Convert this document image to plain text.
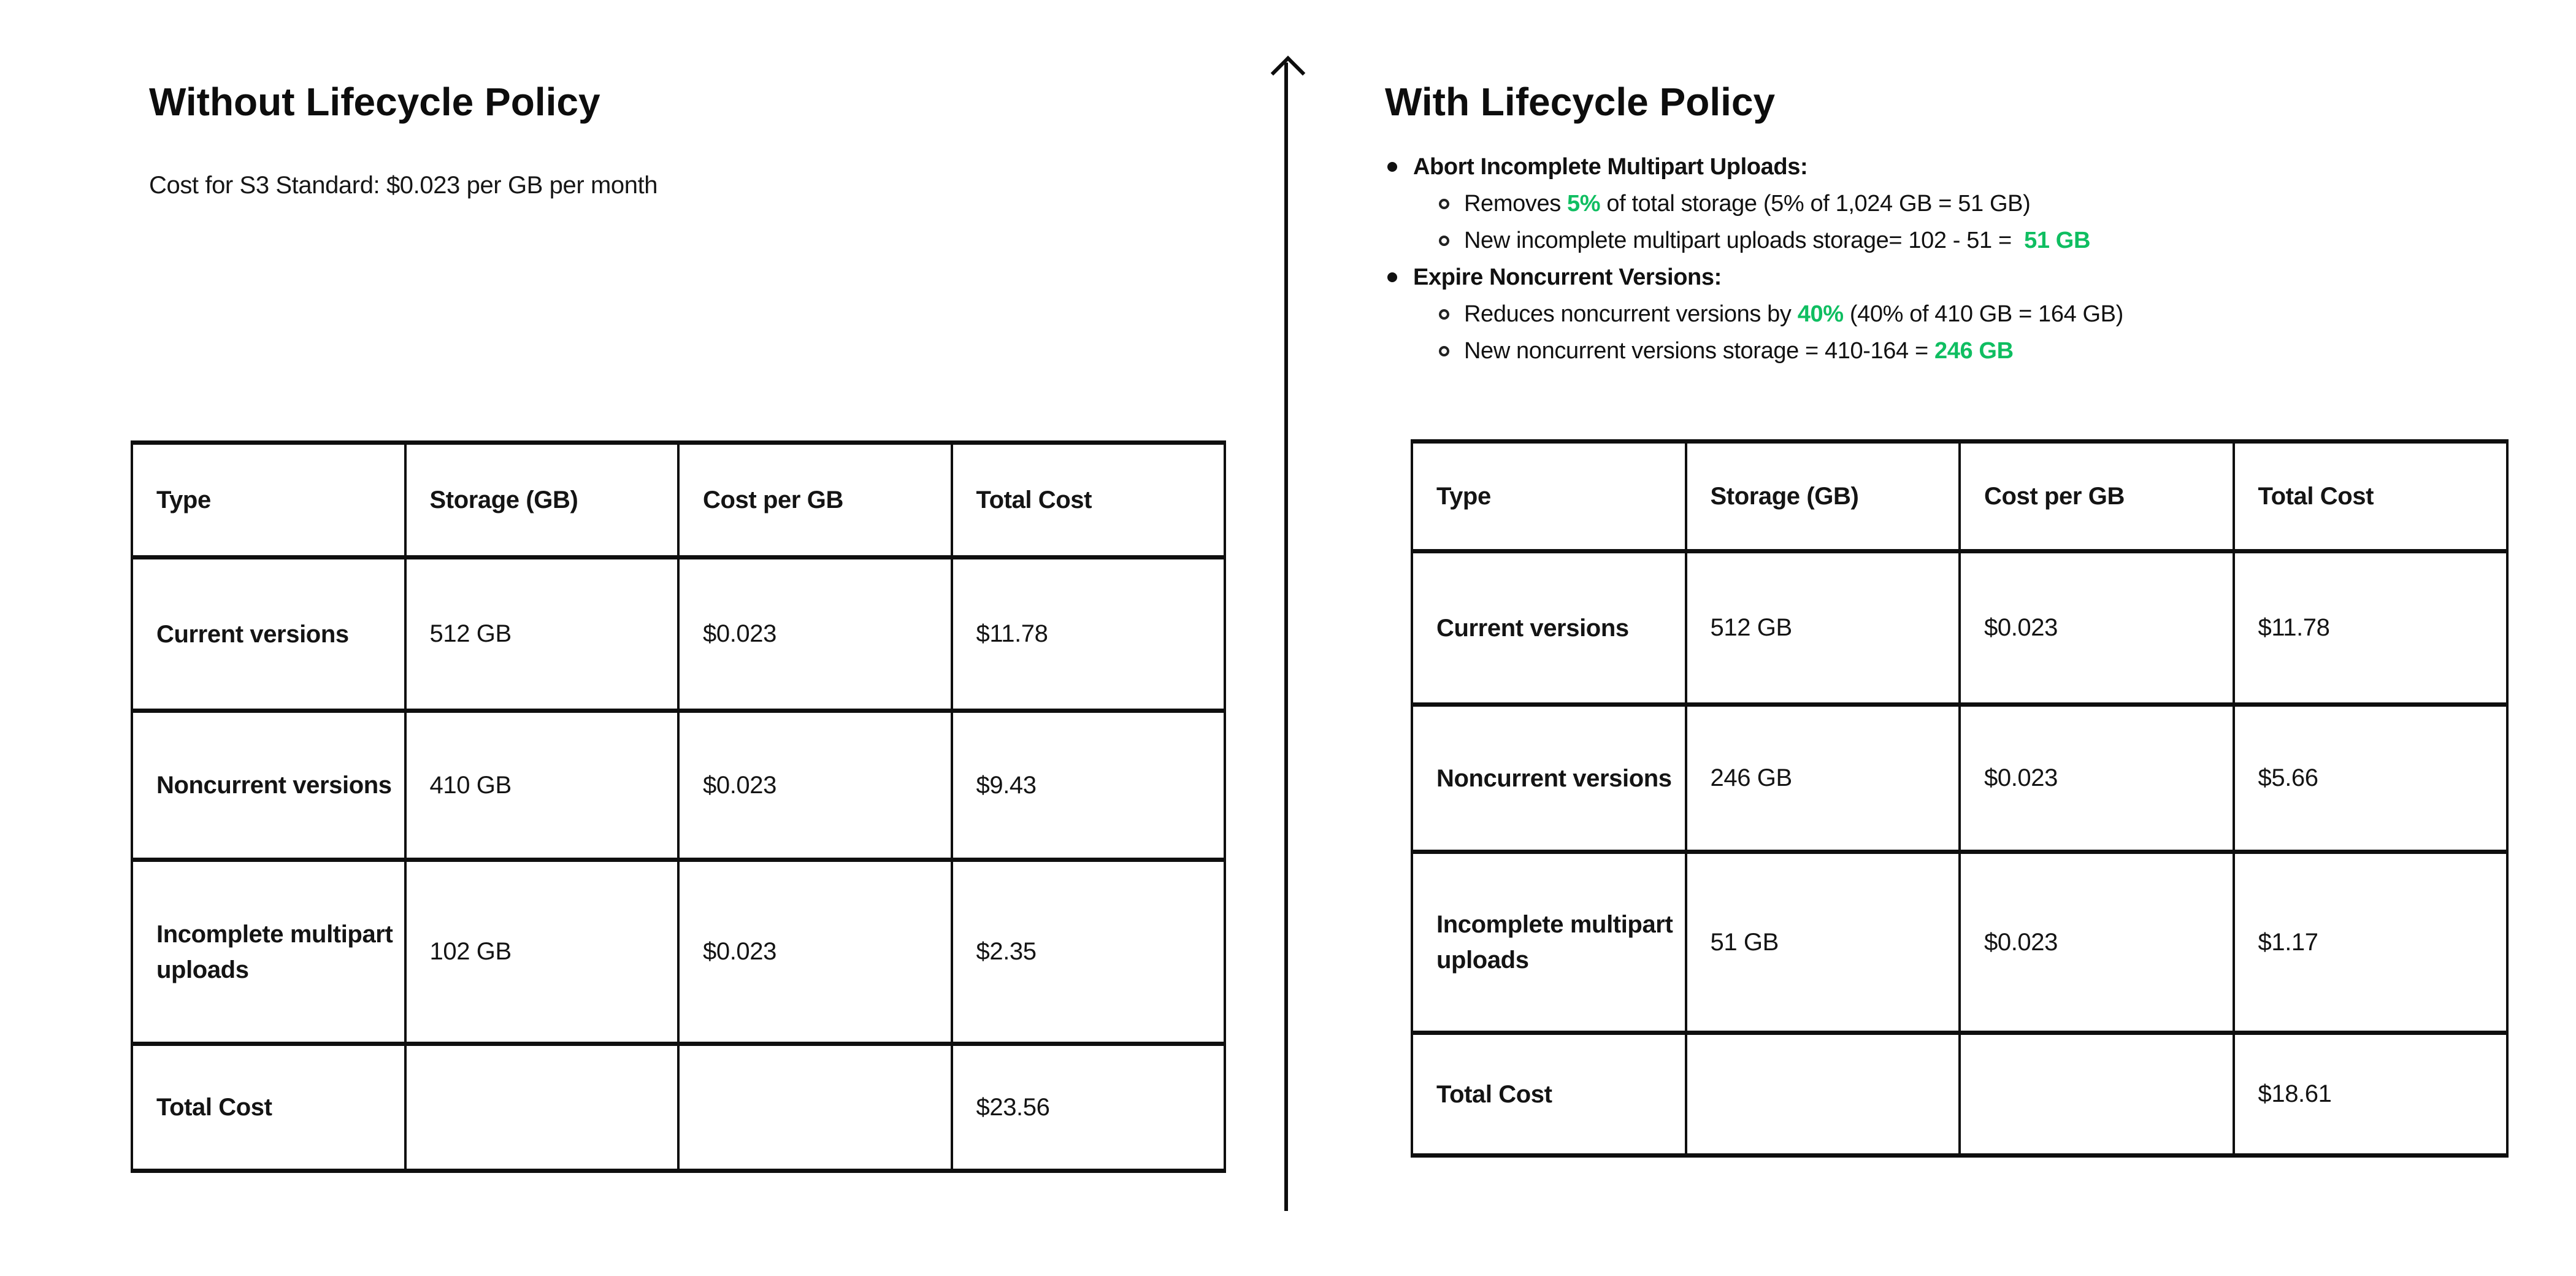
Without Lifecycle Policy

Cost for S3 Standard: $0.023 per GB per month

Type	Storage (GB)	Cost per GB	Total Cost
Current versions	512 GB	$0.023	$11.78
Noncurrent versions	410 GB	$0.023	$9.43
Incomplete multipart uploads	102 GB	$0.023	$2.35
Total Cost			$23.56
With Lifecycle Policy
Abort Incomplete Multipart Uploads:
Removes 5% of total storage (5% of 1,024 GB = 51 GB)
New incomplete multipart uploads storage= 102 - 51 =  51 GB
Expire Noncurrent Versions:
Reduces noncurrent versions by 40% (40% of 410 GB = 164 GB)
New noncurrent versions storage = 410-164 = 246 GB
Type	Storage (GB)	Cost per GB	Total Cost
Current versions	512 GB	$0.023	$11.78
Noncurrent versions	246 GB	$0.023	$5.66
Incomplete multipart uploads	51 GB	$0.023	$1.17
Total Cost			$18.61
